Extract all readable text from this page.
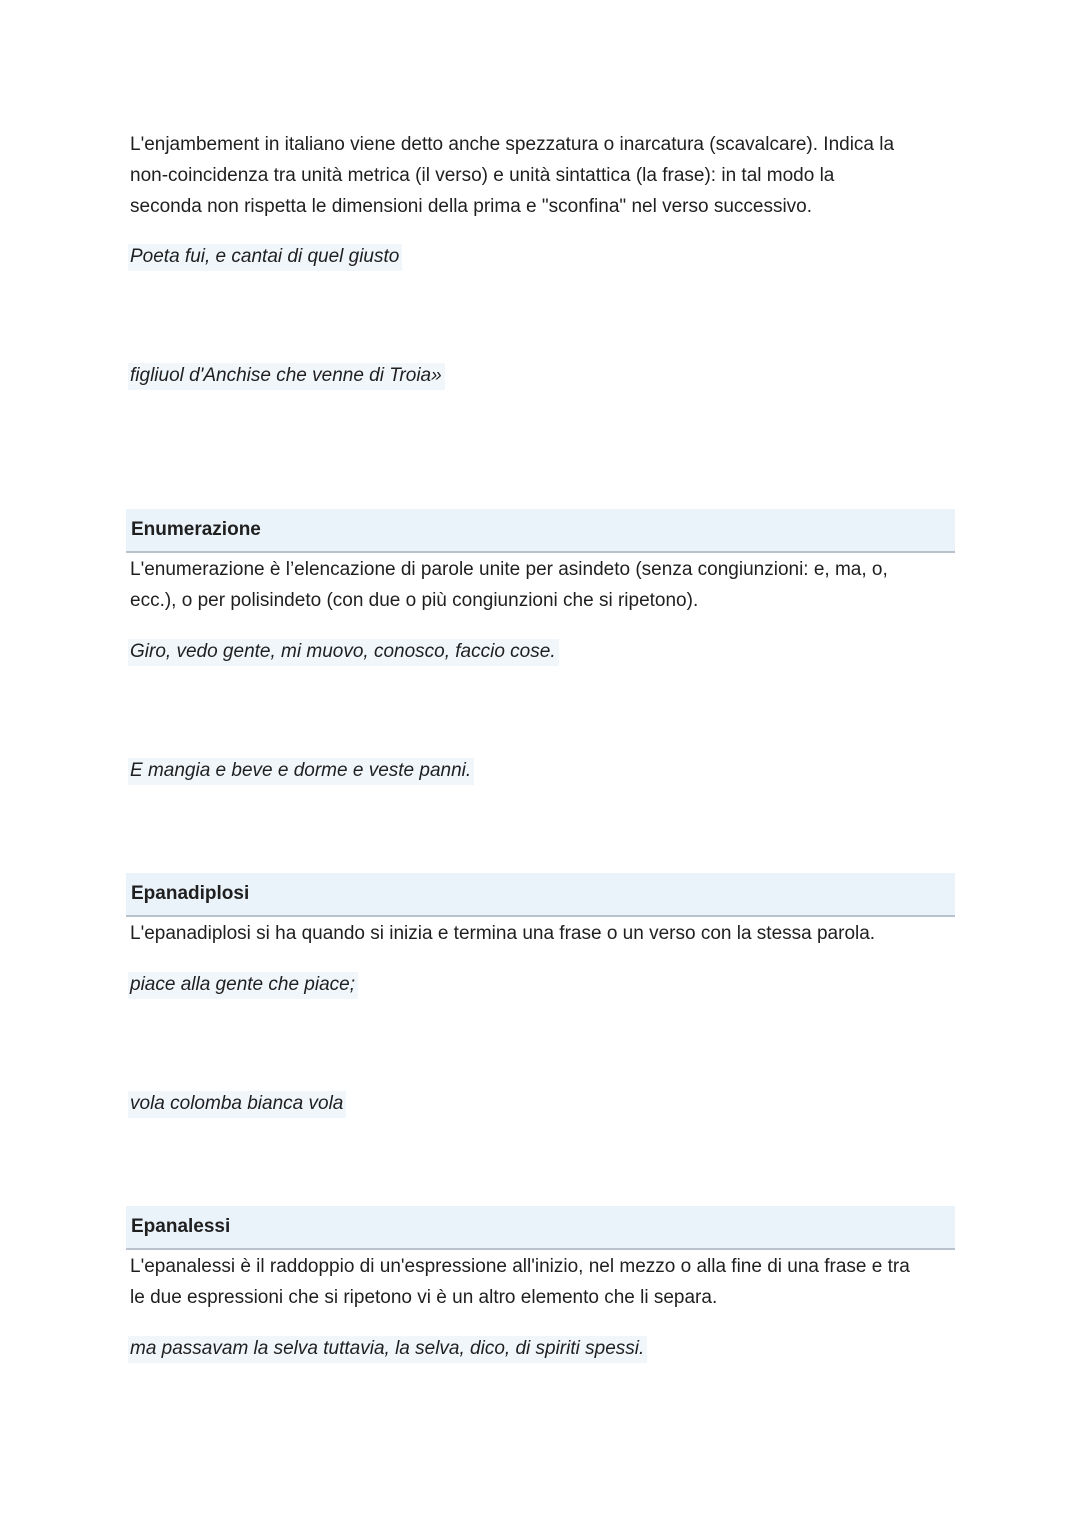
L'enjambement in italiano viene detto anche spezzatura o inarcatura (scavalcare). Indica la
non-coincidenza tra unità metrica (il verso) e unità sintattica (la frase): in tal modo la
seconda non rispetta le dimensioni della prima e "sconfina" nel verso successivo.

Poeta fui, e cantai di quel giusto
figliuol d'Anchise che venne di Troia»
Enumerazione

L'enumerazione è l’elencazione di parole unite per asindeto (senza congiunzioni: e, ma, o,
ecc.), o per polisindeto (con due o più congiunzioni che si ripetono).

Giro, vedo gente, mi muovo, conosco, faccio cose.
E mangia e beve e dorme e veste panni.
Epanadiplosi

L'epanadiplosi si ha quando si inizia e termina una frase o un verso con la stessa parola.

piace alla gente che piace;
vola colomba bianca vola
Epanalessi

L'epanalessi è il raddoppio di un'espressione all'inizio, nel mezzo o alla fine di una frase e tra
le due espressioni che si ripetono vi è un altro elemento che li separa.

ma passavam la selva tuttavia, la selva, dico, di spiriti spessi.
